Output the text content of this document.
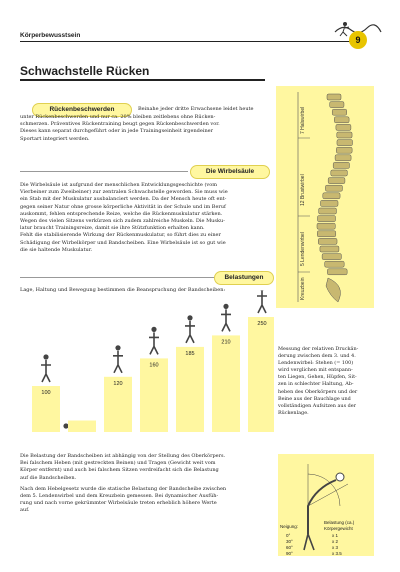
Körperbewusstsein	9
Schwachstelle Rücken
Rückenbeschwerden	Beinahe jeder dritte Erwachsene leidet heute
unter Rückenbeschwerden und nur ca. 20% bleiben zeitlebens ohne Rücken-
schmerzen. Präventives Rückentraining beugt gegen Rückenbeschwerden vor.
Dieses kann separat durchgeführt oder in jede Trainingseinheit irgendeiner
Sportart integriert werden.
Die Wirbelsäule
Die Wirbelsäule ist aufgrund der menschlichen Entwicklungsgeschichte (vom
Vierbeiner zum Zweibeiner) zur zentralen Schwachstelle geworden. Sie muss wie
ein Stab mit der Muskulatur ausbalanciert werden. Da der Mensch heute oft ent-
gegen seiner Natur ohne grosse körperliche Aktivität in der Schule und im Beruf
auskommt, fehlen entsprechende Reize, welche die Rückenmuskulatur stärken.
Wegen des vielen Sitzens verkürzen sich zudem zahlreiche Muskeln. Die Musku-
latur braucht Trainingsreize, damit sie ihre Stützfunktion erhalten kann.
Fehlt die stabilisierende Wirkung der Rückenmuskulatur, so führt dies zu einer
Schädigung der Wirbelkörper und Bandscheiben. Eine Wirbelsäule ist so gut wie
die sie haltende Muskulatur.
7 Halswirbel
12 Brustwirbel
5 Lendenwirbel
Kreuzbein
Belastungen
Lage, Haltung und Bewegung bestimmen die Beanspruchung der Bandscheiben:
100
120
160
185
210
250
Messung der relativen Druckän-
derung zwischen dem 3. und 4.
Lendenwirbel: Stehen (= 100)
wird verglichen mit entspann-
ten Liegen, Gehen, Hüpfen, Sit-
zen in schlechter Haltung, Ab-
heben des Oberkörpers und der
Beine aus der Bauchlage und
vollständigen Aufsitzen aus der
Rückenlage.
Die Belastung der Bandscheiben ist abhängig von der Stellung des Oberkörpers.
Bei falschem Heben (mit gestreckten Beinen) und Tragen (Gewicht weit vom
Körper entfernt) und auch bei falschem Sitzen verdreifacht sich die Belastung
auf die Bandscheiben.
Nach dem Hebelgesetz wurde die statische Belastung der Bandscheibe zwischen
dem 5. Lendenwirbel und dem Kreuzbein gemessen. Bei dynamischer Ausfüh-
rung und nach vorne gekrümmter Wirbelsäule treten erheblich höhere Werte
auf.
Neigung:
Belastung (ca.)
Körpergewicht
0°
30°
60°
90°
x 1
x 2
x 3
x 3.5
